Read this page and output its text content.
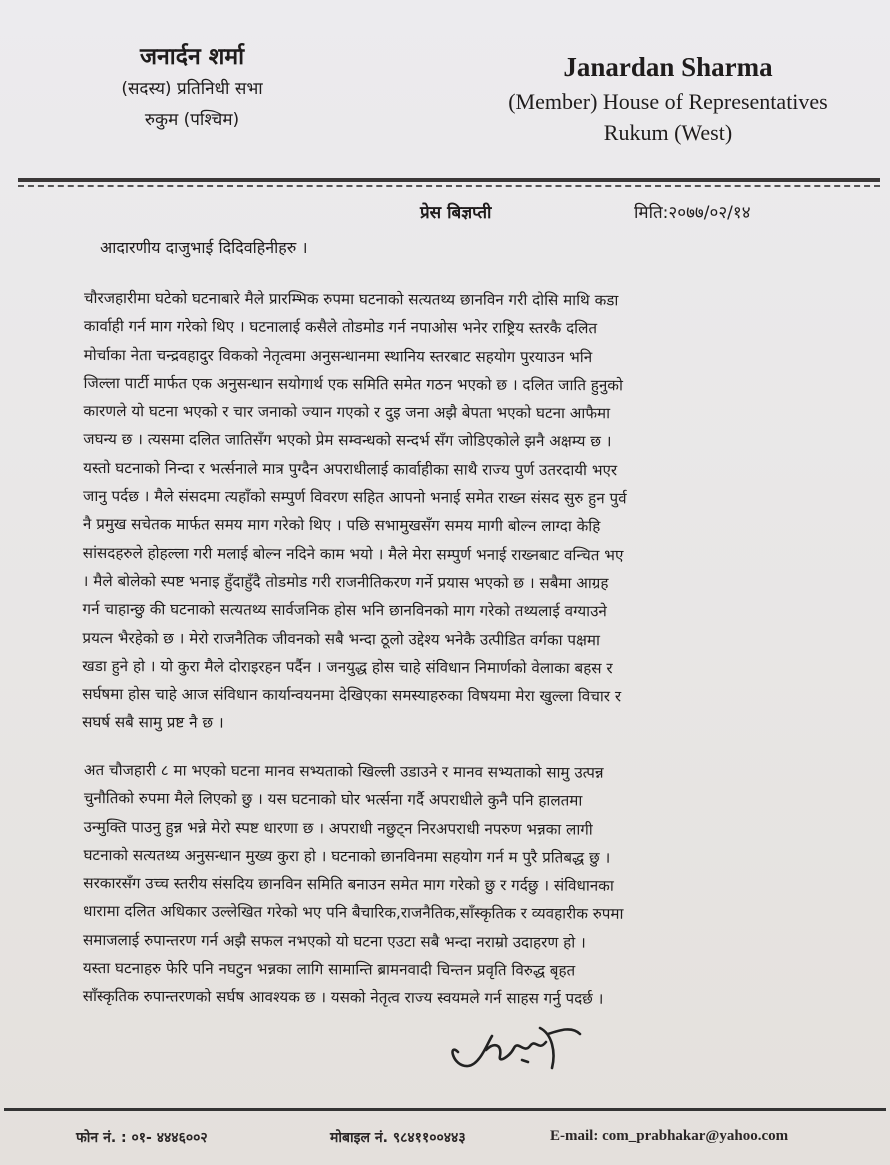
जनार्दन शर्मा
(सदस्य) प्रतिनिधी सभा
रुकुम (पश्चिम)
Janardan Sharma
(Member) House of Representatives
Rukum (West)
प्रेस बिज्ञप्ती	मिति:२०७७/०२/१४
आदारणीय दाजुभाई दिदिवहिनीहरु ।
चौरजहारीमा घटेको घटनाबारे मैले प्रारम्भिक रुपमा घटनाको सत्यतथ्य छानविन गरी दोसि माथि कडा
कार्वाही गर्न माग गरेको थिए । घटनालाई कसैले तोडमोड गर्न नपाओस भनेर राष्ट्रिय स्तरकै दलित
मोर्चाका नेता चन्द्रवहादुर विकको नेतृत्वमा अनुसन्धानमा स्थानिय स्तरबाट सहयोग पुरयाउन भनि
जिल्ला पार्टी मार्फत एक अनुसन्धान सयोगार्थ एक समिति समेत गठन भएको छ । दलित जाति हुनुको
कारणले यो घटना भएको र चार जनाको ज्यान गएको र दुइ जना अझै बेपता भएको घटना आफैमा
जघन्य छ । त्यसमा दलित जातिसँग भएको प्रेम सम्वन्धको सन्दर्भ सँग जोडिएकोले झनै अक्षम्य छ ।
यस्तो घटनाको निन्दा र भर्त्सनाले मात्र पुग्दैन अपराधीलाई कार्वाहीका साथै राज्य पुर्ण उतरदायी भएर
जानु पर्दछ । मैले संसदमा त्यहाँको सम्पुर्ण विवरण सहित आपनो भनाई समेत राख्न संसद सुरु हुन पुर्व
नै प्रमुख सचेतक मार्फत समय माग गरेको थिए । पछि सभामुखसँग समय मागी बोल्न लाग्दा केहि
सांसदहरुले होहल्ला गरी मलाई बोल्न नदिने काम भयो । मैले मेरा सम्पुर्ण भनाई राख्नबाट वन्चित भए
। मैले बोलेको स्पष्ट भनाइ हुँदाहुँदै तोडमोड गरी राजनीतिकरण गर्ने प्रयास भएको छ । सबैमा आग्रह
गर्न चाहान्छु की घटनाको सत्यतथ्य सार्वजनिक होस भनि छानविनको माग गरेको तथ्यलाई वग्याउने
प्रयत्न भैरहेको छ । मेरो राजनैतिक जीवनको सबै भन्दा ठूलो उद्देश्य भनेकै उत्पीडित वर्गका पक्षमा
खडा हुने हो । यो कुरा मैले दोराइरहन पर्दैन । जनयुद्ध होस चाहे संविधान निमार्णको वेलाका बहस र
सर्घषमा होस चाहे आज संविधान कार्यान्वयनमा देखिएका समस्याहरुका विषयमा मेरा खुल्ला विचार र
सघर्ष सबै सामु प्रष्ट नै छ ।
अत चौजहारी ८ मा भएको घटना मानव सभ्यताको खिल्ली उडाउने र मानव सभ्यताको सामु उत्पन्न
चुनौतिको रुपमा मैले लिएको छु । यस घटनाको घोर भर्त्सना गर्दै अपराधीले कुनै पनि हालतमा
उन्मुक्ति पाउनु हुन्न भन्ने मेरो स्पष्ट धारणा छ । अपराधी नछुट्न निरअपराधी नपरुण भन्नका लागी
घटनाको सत्यतथ्य अनुसन्धान मुख्य कुरा हो । घटनाको छानविनमा सहयोग गर्न म पुरै प्रतिबद्ध छु ।
सरकारसँग उच्च स्तरीय संसदिय छानविन समिति बनाउन समेत माग गरेको छु र गर्दछु । संविधानका
धारामा दलित अधिकार उल्लेखित गरेको भए पनि बैचारिक,राजनैतिक,साँस्कृतिक र व्यवहारीक रुपमा
समाजलाई रुपान्तरण गर्न अझै सफल नभएको यो घटना एउटा सबै भन्दा नराम्रो उदाहरण हो ।
यस्ता घटनाहरु फेरि पनि नघटुन भन्नका लागि सामान्ति ब्रामनवादी चिन्तन प्रवृति विरुद्ध बृहत
साँस्कृतिक रुपान्तरणको सर्घष आवश्यक छ । यसको नेतृत्व राज्य स्वयमले गर्न साहस गर्नु पदर्छ ।
फोन नं. : ०१- ४४४६००२	मोबाइल नं. ९८४११००४४३	E-mail: com_prabhakar@yahoo.com
